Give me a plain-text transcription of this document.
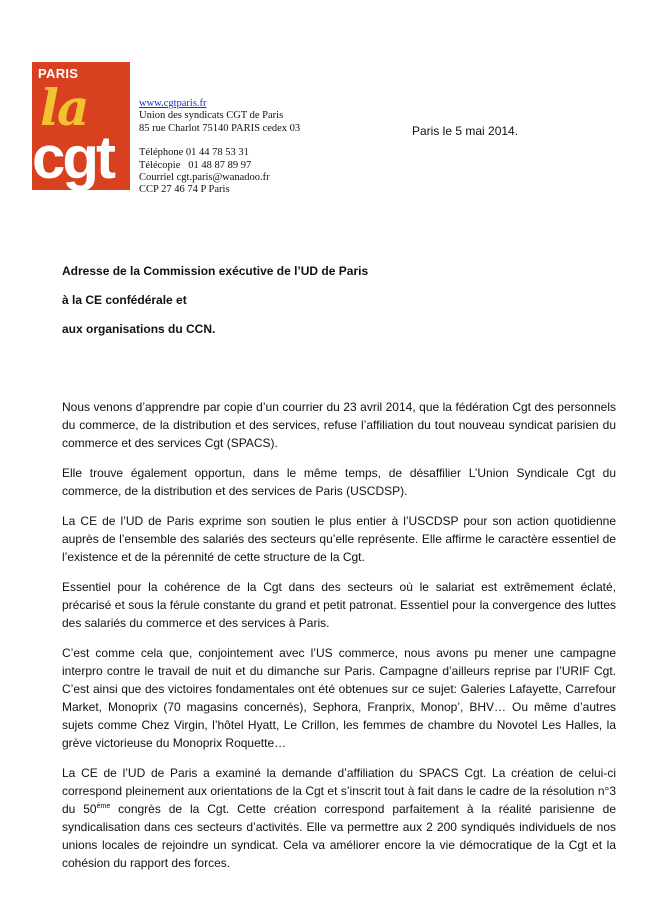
PARIS
la
cgt
www.cgtparis.fr
Union des syndicats CGT de Paris
85 rue Charlot 75140 PARIS cedex 03
Téléphone 01 44 78 53 31
Télécopie   01 48 87 89 97
Courriel cgt.paris@wanadoo.fr
CCP 27 46 74 P Paris
Paris le 5 mai 2014.
Adresse de la Commission exécutive de l’UD de Paris
à la CE confédérale et
aux organisations du CCN.

Nous venons d’apprendre par copie d’un courrier du 23 avril 2014, que la fédération Cgt des personnels du commerce, de la distribution et des services, refuse l’affiliation du tout nouveau syndicat parisien du commerce et des services Cgt (SPACS).

Elle trouve également opportun, dans le même temps, de désaffilier L’Union Syndicale Cgt du commerce, de la distribution et des services de Paris (USCDSP).

La CE de l’UD de Paris exprime son soutien le plus entier à l’USCDSP pour son action quotidienne auprès de l’ensemble des salariés des secteurs qu’elle représente. Elle affirme le caractère essentiel de l’existence et de la pérennité de cette structure de la Cgt.

Essentiel pour la cohérence de la Cgt dans des secteurs où le salariat est extrêmement éclaté, précarisé et sous la férule constante du grand et petit patronat. Essentiel pour la convergence des luttes des salariés du commerce et des services à Paris.

C’est comme cela que, conjointement avec l’US commerce, nous avons pu mener une campagne interpro contre le travail de nuit et du dimanche sur Paris. Campagne d’ailleurs reprise par l’URIF Cgt. C’est ainsi que des victoires fondamentales ont été obtenues sur ce sujet: Galeries Lafayette, Carrefour Market, Monoprix (70 magasins concernés), Sephora, Franprix, Monop’, BHV… Ou même d’autres sujets comme Chez Virgin, l’hôtel Hyatt, Le Crillon, les femmes de chambre du Novotel Les Halles, la grève victorieuse du Monoprix Roquette…

La CE de l’UD de Paris a examiné la demande d’affiliation du SPACS Cgt. La création de celui-ci correspond pleinement aux orientations de la Cgt et s’inscrit tout à fait dans le cadre de la résolution n°3 du 50ème congrès de la Cgt. Cette création correspond parfaitement à la réalité parisienne de syndicalisation dans ces secteurs d’activités. Elle va permettre aux 2 200 syndiqués individuels de nos unions locales de rejoindre un syndicat. Cela va améliorer encore la vie démocratique de la Cgt et la cohésion du rapport des forces.
